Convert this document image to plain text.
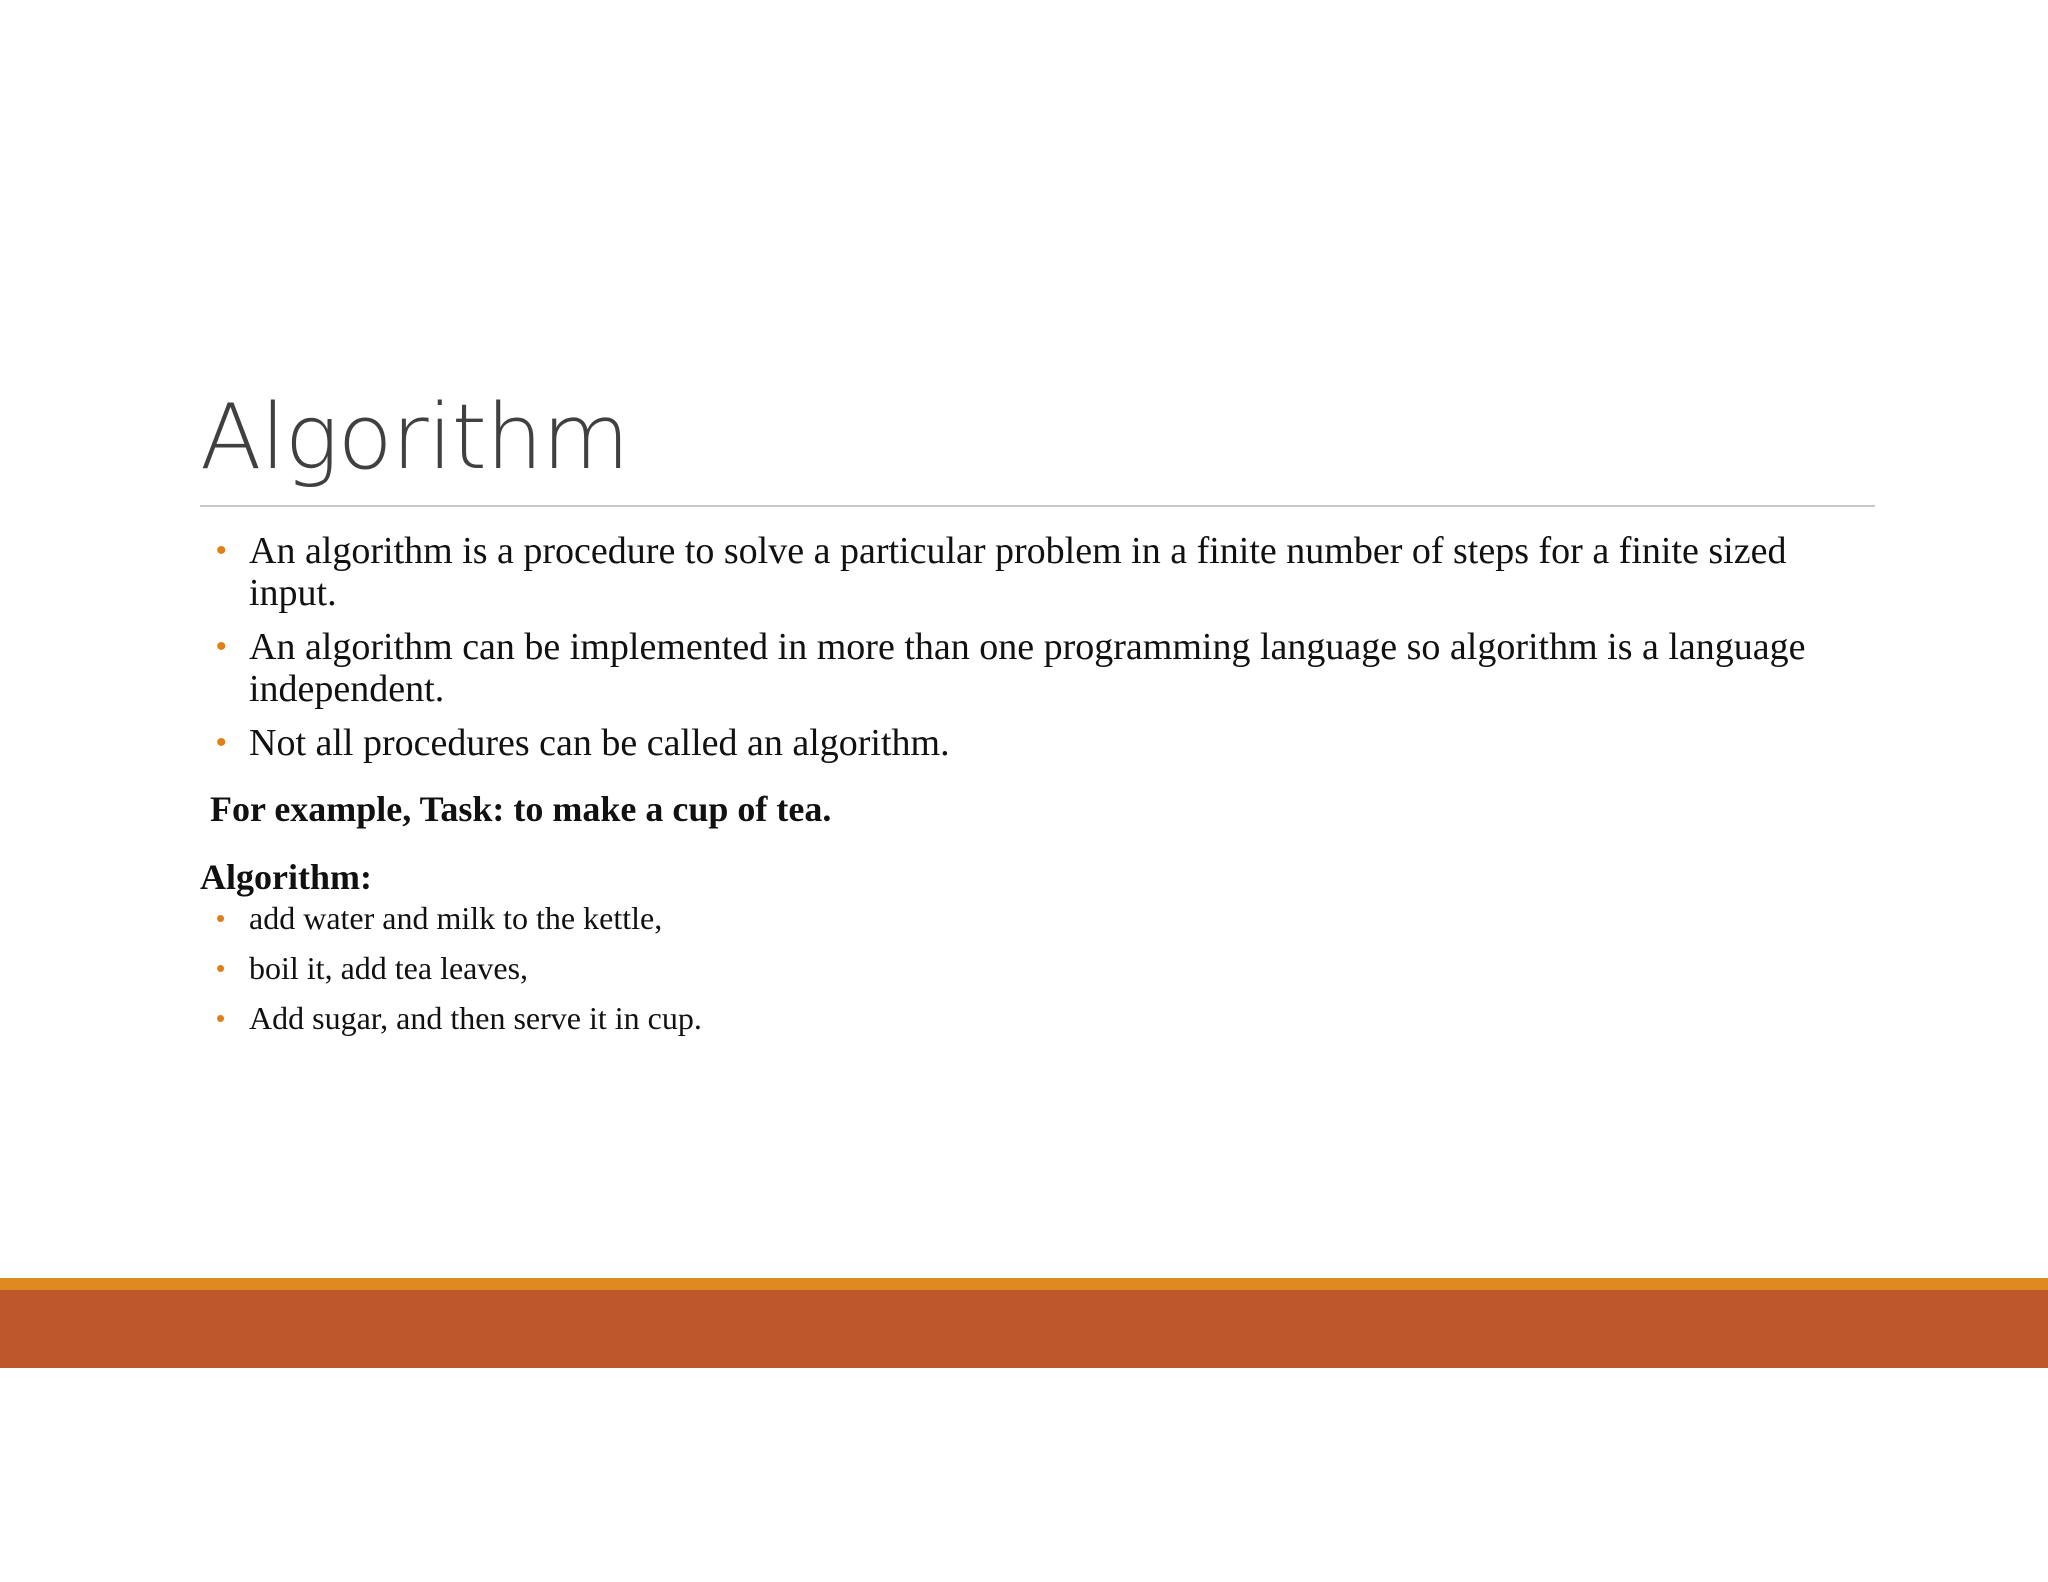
Algorithm
• An algorithm is a procedure to solve a particular problem in a finite number of steps for a finite sized input.
• An algorithm can be implemented in more than one programming language so algorithm is a language independent.
• Not all procedures can be called an algorithm.
For example, Task: to make a cup of tea.
Algorithm:
• add water and milk to the kettle,
• boil it, add tea leaves,
• Add sugar, and then serve it in cup.
